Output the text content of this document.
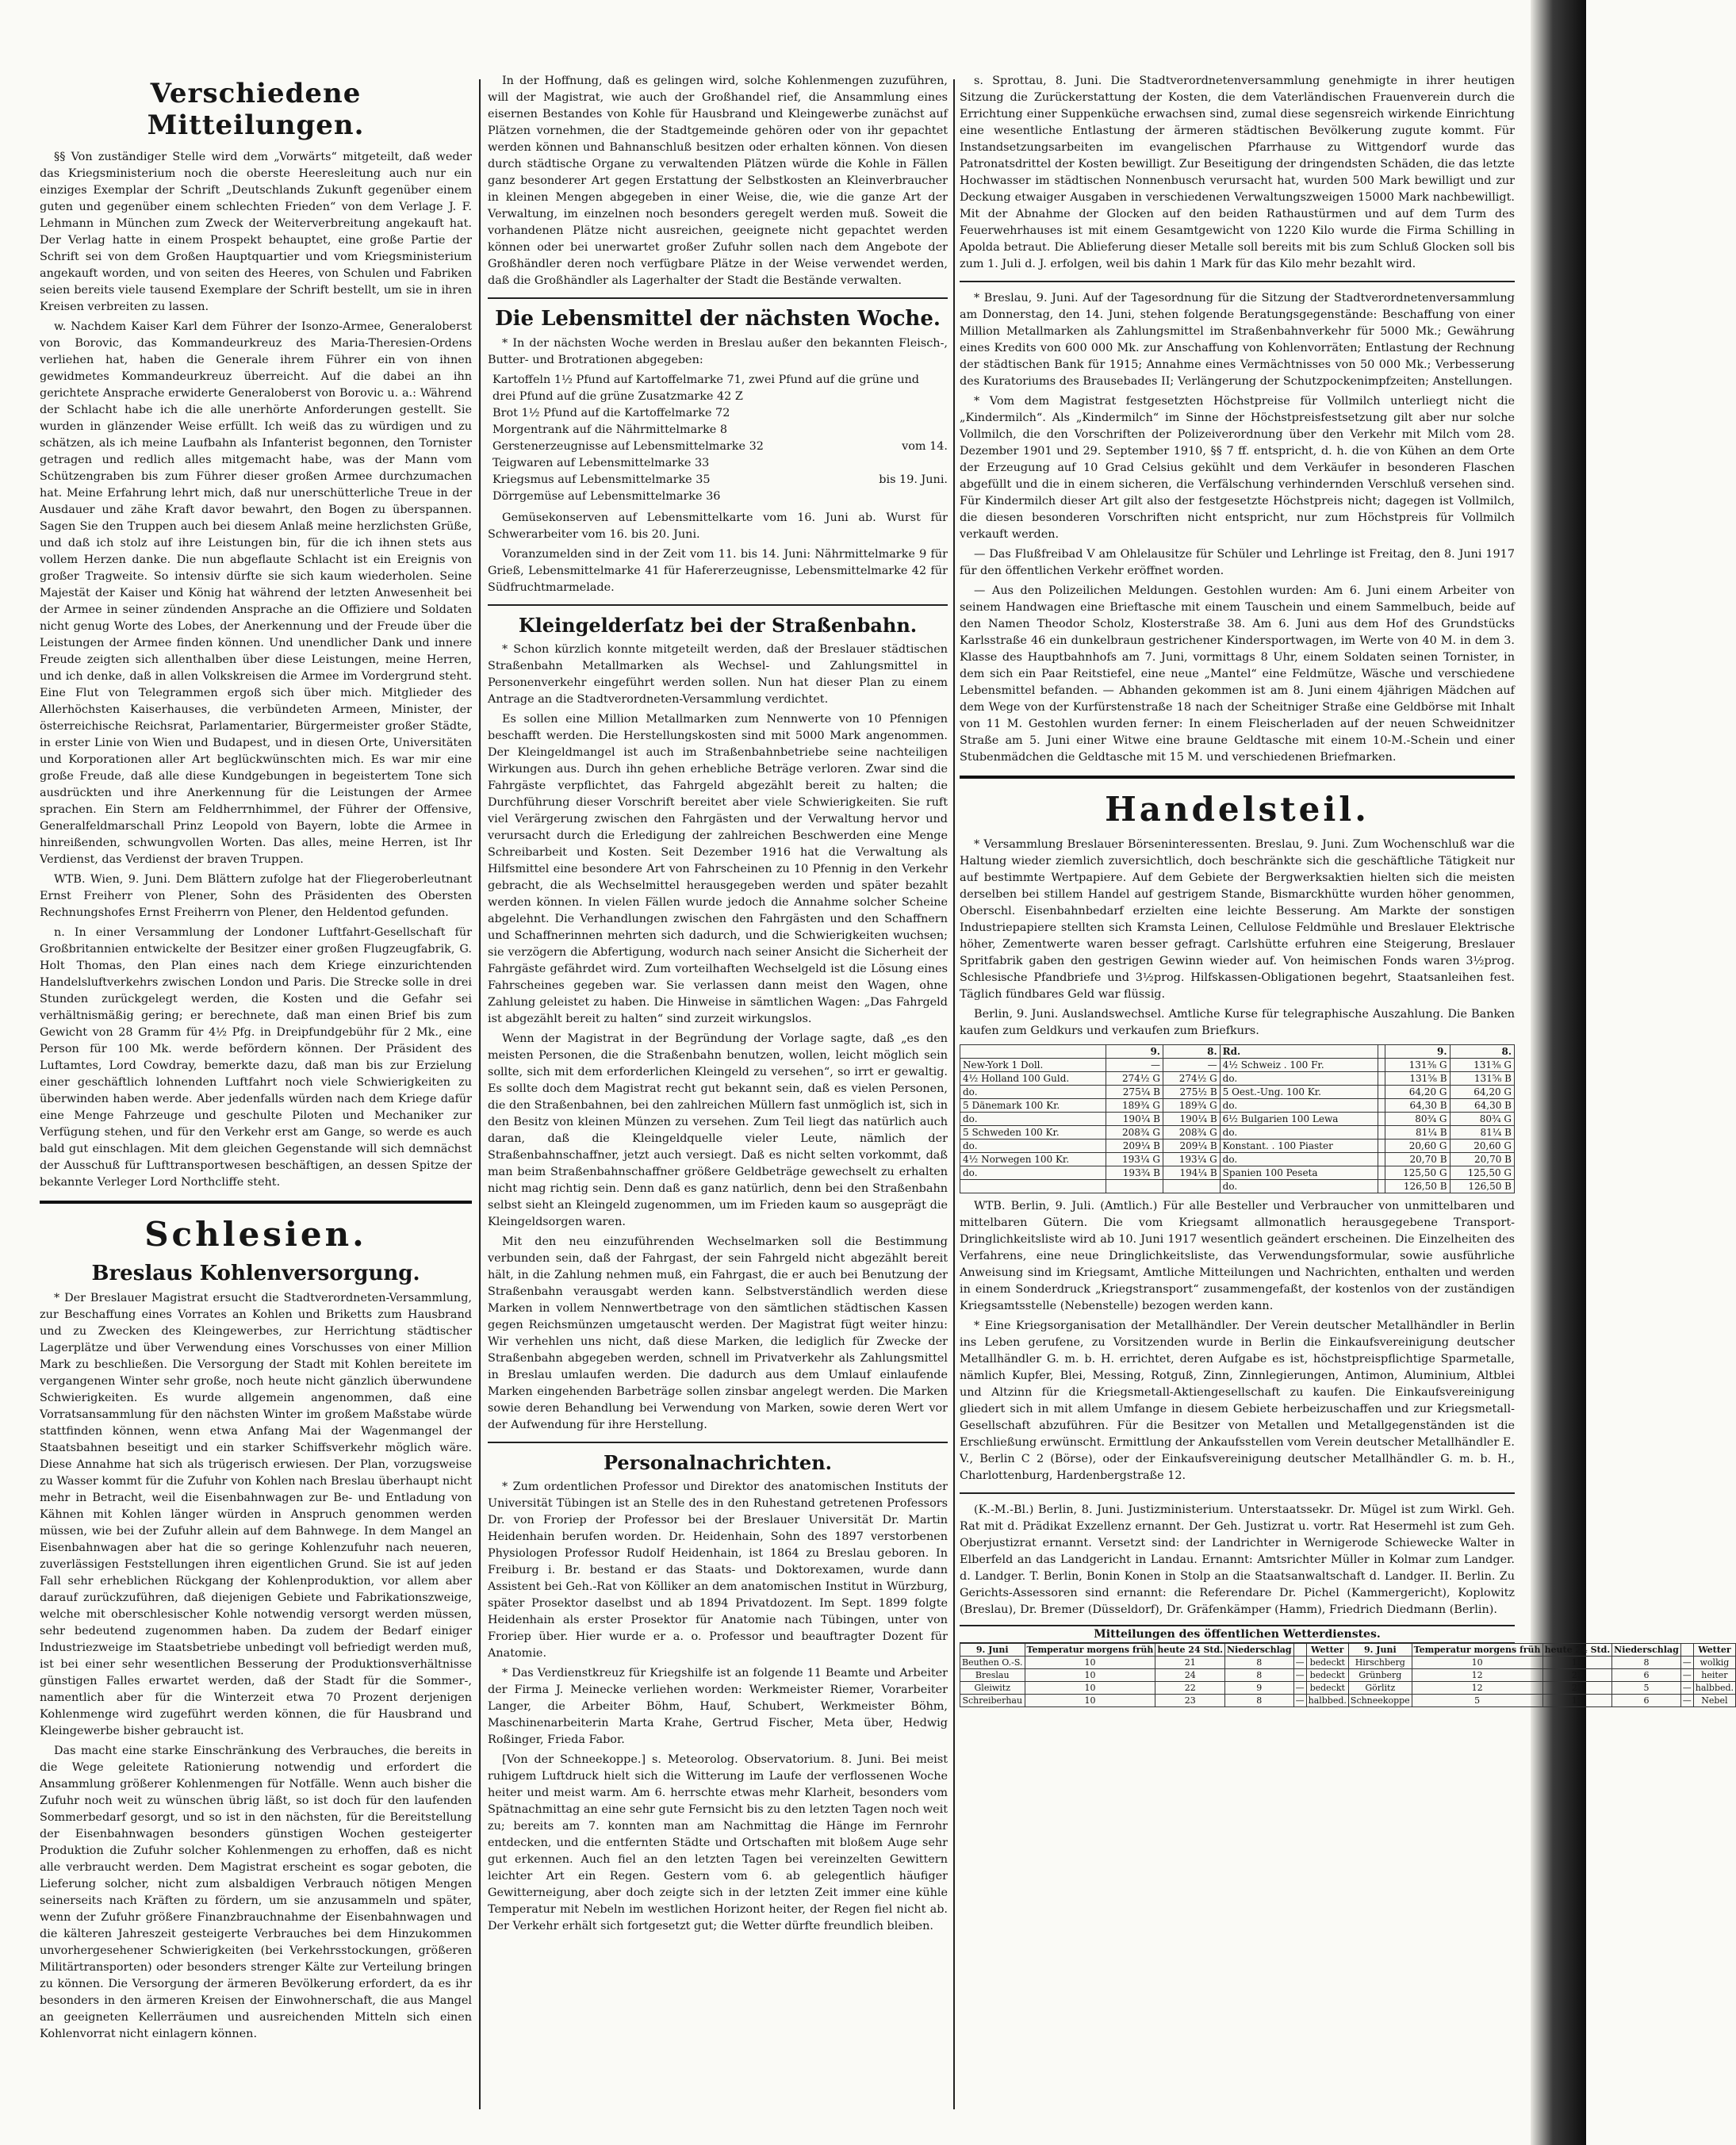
Verschiedene Mitteilungen.

§§ Von zuständiger Stelle wird dem „Vorwärts“ mitgeteilt, daß weder das Kriegsministerium noch die oberste Heeresleitung auch nur ein einziges Exemplar der Schrift „Deutschlands Zukunft gegenüber einem guten und gegenüber einem schlechten Frieden“ von dem Verlage J. F. Lehmann in München zum Zweck der Weiterverbreitung angekauft hat. Der Verlag hatte in einem Prospekt behauptet, eine große Partie der Schrift sei von dem Großen Hauptquartier und vom Kriegsministerium angekauft worden, und von seiten des Heeres, von Schulen und Fabriken seien bereits viele tausend Exemplare der Schrift bestellt, um sie in ihren Kreisen verbreiten zu lassen.

w. Nachdem Kaiser Karl dem Führer der Isonzo-Armee, Generaloberst von Borovic, das Kommandeurkreuz des Maria-Theresien-Ordens verliehen hat, haben die Generale ihrem Führer ein von ihnen gewidmetes Kommandeurkreuz überreicht. Auf die dabei an ihn gerichtete Ansprache erwiderte Generaloberst von Borovic u. a.: Während der Schlacht habe ich die alle unerhörte Anforderungen gestellt. Sie wurden in glänzender Weise erfüllt. Ich weiß das zu würdigen und zu schätzen, als ich meine Laufbahn als Infanterist begonnen, den Tornister getragen und redlich alles mitgemacht habe, was der Mann vom Schützengraben bis zum Führer dieser großen Armee durchzumachen hat. Meine Erfahrung lehrt mich, daß nur unerschütterliche Treue in der Ausdauer und zähe Kraft davor bewahrt, den Bogen zu überspannen. Sagen Sie den Truppen auch bei diesem Anlaß meine herzlichsten Grüße, und daß ich stolz auf ihre Leistungen bin, für die ich ihnen stets aus vollem Herzen danke. Die nun abgeflaute Schlacht ist ein Ereignis von großer Tragweite. So intensiv dürfte sie sich kaum wiederholen. Seine Majestät der Kaiser und König hat während der letzten Anwesenheit bei der Armee in seiner zündenden Ansprache an die Offiziere und Soldaten nicht genug Worte des Lobes, der Anerkennung und der Freude über die Leistungen der Armee finden können. Und unendlicher Dank und innere Freude zeigten sich allenthalben über diese Leistungen, meine Herren, und ich denke, daß in allen Volkskreisen die Armee im Vordergrund steht. Eine Flut von Telegrammen ergoß sich über mich. Mitglieder des Allerhöchsten Kaiserhauses, die verbündeten Armeen, Minister, der österreichische Reichsrat, Parlamentarier, Bürgermeister großer Städte, in erster Linie von Wien und Budapest, und in diesen Orte, Universitäten und Korporationen aller Art beglückwünschten mich. Es war mir eine große Freude, daß alle diese Kundgebungen in begeistertem Tone sich ausdrückten und ihre Anerkennung für die Leistungen der Armee sprachen. Ein Stern am Feldherrnhimmel, der Führer der Offensive, Generalfeldmarschall Prinz Leopold von Bayern, lobte die Armee in hinreißenden, schwungvollen Worten. Das alles, meine Herren, ist Ihr Verdienst, das Verdienst der braven Truppen.

WTB. Wien, 9. Juni. Dem Blättern zufolge hat der Fliegeroberleutnant Ernst Freiherr von Plener, Sohn des Präsidenten des Obersten Rechnungshofes Ernst Freiherrn von Plener, den Heldentod gefunden.

n. In einer Versammlung der Londoner Luftfahrt-Gesellschaft für Großbritannien entwickelte der Besitzer einer großen Flugzeugfabrik, G. Holt Thomas, den Plan eines nach dem Kriege einzurichtenden Handelsluftverkehrs zwischen London und Paris. Die Strecke solle in drei Stunden zurückgelegt werden, die Kosten und die Gefahr sei verhältnismäßig gering; er berechnete, daß man einen Brief bis zum Gewicht von 28 Gramm für 4½ Pfg. in Dreipfundgebühr für 2 Mk., eine Person für 100 Mk. werde befördern können. Der Präsident des Luftamtes, Lord Cowdray, bemerkte dazu, daß man bis zur Erzielung einer geschäftlich lohnenden Luftfahrt noch viele Schwierigkeiten zu überwinden haben werde. Aber jedenfalls würden nach dem Kriege dafür eine Menge Fahrzeuge und geschulte Piloten und Mechaniker zur Verfügung stehen, und für den Verkehr erst am Gange, so werde es auch bald gut einschlagen. Mit dem gleichen Gegenstande will sich demnächst der Ausschuß für Lufttransportwesen beschäftigen, an dessen Spitze der bekannte Verleger Lord Northcliffe steht.

Schlesien.
Breslaus Kohlenversorgung.

* Der Breslauer Magistrat ersucht die Stadtverordneten-Versammlung, zur Beschaffung eines Vorrates an Kohlen und Briketts zum Hausbrand und zu Zwecken des Kleingewerbes, zur Herrichtung städtischer Lagerplätze und über Verwendung eines Vorschusses von einer Million Mark zu beschließen. Die Versorgung der Stadt mit Kohlen bereitete im vergangenen Winter sehr große, noch heute nicht gänzlich überwundene Schwierigkeiten. Es wurde allgemein angenommen, daß eine Vorratsansammlung für den nächsten Winter im großem Maßstabe würde stattfinden können, wenn etwa Anfang Mai der Wagenmangel der Staatsbahnen beseitigt und ein starker Schiffsverkehr möglich wäre. Diese Annahme hat sich als trügerisch erwiesen. Der Plan, vorzugsweise zu Wasser kommt für die Zufuhr von Kohlen nach Breslau überhaupt nicht mehr in Betracht, weil die Eisenbahnwagen zur Be- und Entladung von Kähnen mit Kohlen länger würden in Anspruch genommen werden müssen, wie bei der Zufuhr allein auf dem Bahnwege. In dem Mangel an Eisenbahnwagen aber hat die so geringe Kohlenzufuhr nach neueren, zuverlässigen Feststellungen ihren eigentlichen Grund. Sie ist auf jeden Fall sehr erheblichen Rückgang der Kohlenproduktion, vor allem aber darauf zurückzuführen, daß diejenigen Gebiete und Fabrikationszweige, welche mit oberschlesischer Kohle notwendig versorgt werden müssen, sehr bedeutend zugenommen haben. Da zudem der Bedarf einiger Industriezweige im Staatsbetriebe unbedingt voll befriedigt werden muß, ist bei einer sehr wesentlichen Besserung der Produktionsverhältnisse günstigen Falles erwartet werden, daß der Stadt für die Sommer-, namentlich aber für die Winterzeit etwa 70 Prozent derjenigen Kohlenmenge wird zugeführt werden können, die für Hausbrand und Kleingewerbe bisher gebraucht ist.

Das macht eine starke Einschränkung des Verbrauches, die bereits in die Wege geleitete Rationierung notwendig und erfordert die Ansammlung größerer Kohlenmengen für Notfälle. Wenn auch bisher die Zufuhr noch weit zu wünschen übrig läßt, so ist doch für den laufenden Sommerbedarf gesorgt, und so ist in den nächsten, für die Bereitstellung der Eisenbahnwagen besonders günstigen Wochen gesteigerter Produktion die Zufuhr solcher Kohlenmengen zu erhoffen, daß es nicht alle verbraucht werden. Dem Magistrat erscheint es sogar geboten, die Lieferung solcher, nicht zum alsbaldigen Verbrauch nötigen Mengen seinerseits nach Kräften zu fördern, um sie anzusammeln und später, wenn der Zufuhr größere Finanzbrauchnahme der Eisenbahnwagen und die kälteren Jahreszeit gesteigerte Verbrauches bei dem Hinzukommen unvorhergesehener Schwierigkeiten (bei Verkehrsstockungen, größeren Militärtransporten) oder besonders strenger Kälte zur Verteilung bringen zu können. Die Versorgung der ärmeren Bevölkerung erfordert, da es ihr besonders in den ärmeren Kreisen der Einwohnerschaft, die aus Mangel an geeigneten Kellerräumen und ausreichenden Mitteln sich einen Kohlenvorrat nicht einlagern können.

In der Hoffnung, daß es gelingen wird, solche Kohlenmengen zuzuführen, will der Magistrat, wie auch der Großhandel rief, die Ansammlung eines eisernen Bestandes von Kohle für Hausbrand und Kleingewerbe zunächst auf Plätzen vornehmen, die der Stadtgemeinde gehören oder von ihr gepachtet werden können und Bahnanschluß besitzen oder erhalten können. Von diesen durch städtische Organe zu verwaltenden Plätzen würde die Kohle in Fällen ganz besonderer Art gegen Erstattung der Selbstkosten an Kleinverbraucher in kleinen Mengen abgegeben in einer Weise, die, wie die ganze Art der Verwaltung, im einzelnen noch besonders geregelt werden muß. Soweit die vorhandenen Plätze nicht ausreichen, geeignete nicht gepachtet werden können oder bei unerwartet großer Zufuhr sollen nach dem Angebote der Großhändler deren noch verfügbare Plätze in der Weise verwendet werden, daß die Großhändler als Lagerhalter der Stadt die Bestände verwalten.

Die Lebensmittel der nächsten Woche.

* In der nächsten Woche werden in Breslau außer den bekannten Fleisch-, Butter- und Brotrationen abgegeben:

Kartoffeln 1½ Pfund auf Kartoffelmarke 71, zwei Pfund auf die grüne und drei Pfund auf die grüne Zusatzmarke 42 Z
Brot 1½ Pfund auf die Kartoffelmarke 72
Morgentrank auf die Nährmittelmarke 8
Gerstenerzeugnisse auf Lebensmittelmarke 32	vom 14.
Teigwaren auf Lebensmittelmarke 33
Kriegsmus auf Lebensmittelmarke 35	bis 19. Juni.
Dörrgemüse auf Lebensmittelmarke 36

Gemüsekonserven auf Lebensmittelkarte vom 16. Juni ab. Wurst für Schwerarbeiter vom 16. bis 20. Juni.

Voranzumelden sind in der Zeit vom 11. bis 14. Juni: Nährmittelmarke 9 für Grieß, Lebensmittelmarke 41 für Hafererzeugnisse, Lebensmittelmarke 42 für Südfruchtmarmelade.

Kleingelderſatz bei der Straßenbahn.

* Schon kürzlich konnte mitgeteilt werden, daß der Breslauer städtischen Straßenbahn Metallmarken als Wechsel- und Zahlungsmittel in Personenverkehr eingeführt werden sollen. Nun hat dieser Plan zu einem Antrage an die Stadtverordneten-Versammlung verdichtet.

Es sollen eine Million Metallmarken zum Nennwerte von 10 Pfennigen beschafft werden. Die Herstellungskosten sind mit 5000 Mark angenommen. Der Kleingeldmangel ist auch im Straßenbahnbetriebe seine nachteiligen Wirkungen aus. Durch ihn gehen erhebliche Beträge verloren. Zwar sind die Fahrgäste verpflichtet, das Fahrgeld abgezählt bereit zu halten; die Durchführung dieser Vorschrift bereitet aber viele Schwierigkeiten. Sie ruft viel Verärgerung zwischen den Fahrgästen und der Verwaltung hervor und verursacht durch die Erledigung der zahlreichen Beschwerden eine Menge Schreibarbeit und Kosten. Seit Dezember 1916 hat die Verwaltung als Hilfsmittel eine besondere Art von Fahrscheinen zu 10 Pfennig in den Verkehr gebracht, die als Wechselmittel herausgegeben werden und später bezahlt werden können. In vielen Fällen wurde jedoch die Annahme solcher Scheine abgelehnt. Die Verhandlungen zwischen den Fahrgästen und den Schaffnern und Schaffnerinnen mehrten sich dadurch, und die Schwierigkeiten wuchsen; sie verzögern die Abfertigung, wodurch nach seiner Ansicht die Sicherheit der Fahrgäste gefährdet wird. Zum vorteilhaften Wechselgeld ist die Lösung eines Fahrscheines gegeben war. Sie verlassen dann meist den Wagen, ohne Zahlung geleistet zu haben. Die Hinweise in sämtlichen Wagen: „Das Fahrgeld ist abgezählt bereit zu halten“ sind zurzeit wirkungslos.

Wenn der Magistrat in der Begründung der Vorlage sagte, daß „es den meisten Personen, die die Straßenbahn benutzen, wollen, leicht möglich sein sollte, sich mit dem erforderlichen Kleingeld zu versehen“, so irrt er gewaltig. Es sollte doch dem Magistrat recht gut bekannt sein, daß es vielen Personen, die den Straßenbahnen, bei den zahlreichen Müllern fast unmöglich ist, sich in den Besitz von kleinen Münzen zu versehen. Zum Teil liegt das natürlich auch daran, daß die Kleingeldquelle vieler Leute, nämlich der Straßenbahnschaffner, jetzt auch versiegt. Daß es nicht selten vorkommt, daß man beim Straßenbahnschaffner größere Geldbeträge gewechselt zu erhalten nicht mag richtig sein. Denn daß es ganz natürlich, denn bei den Straßenbahn selbst sieht an Kleingeld zugenommen, um im Frieden kaum so ausgeprägt die Kleingeldsorgen waren.

Mit den neu einzuführenden Wechselmarken soll die Bestimmung verbunden sein, daß der Fahrgast, der sein Fahrgeld nicht abgezählt bereit hält, in die Zahlung nehmen muß, ein Fahrgast, die er auch bei Benutzung der Straßenbahn verausgabt werden kann. Selbstverständlich werden diese Marken in vollem Nennwertbetrage von den sämtlichen städtischen Kassen gegen Reichsmünzen umgetauscht werden. Der Magistrat fügt weiter hinzu: Wir verhehlen uns nicht, daß diese Marken, die lediglich für Zwecke der Straßenbahn abgegeben werden, schnell im Privatverkehr als Zahlungsmittel in Breslau umlaufen werden. Die dadurch aus dem Umlauf einlaufende Marken eingehenden Barbeträge sollen zinsbar angelegt werden. Die Marken sowie deren Behandlung bei Verwendung von Marken, sowie deren Wert vor der Aufwendung für ihre Herstellung.

Personalnachrichten.

* Zum ordentlichen Professor und Direktor des anatomischen Instituts der Universität Tübingen ist an Stelle des in den Ruhestand getretenen Professors Dr. von Froriep der Professor bei der Breslauer Universität Dr. Martin Heidenhain berufen worden. Dr. Heidenhain, Sohn des 1897 verstorbenen Physiologen Professor Rudolf Heidenhain, ist 1864 zu Breslau geboren. In Freiburg i. Br. bestand er das Staats- und Doktorexamen, wurde dann Assistent bei Geh.-Rat von Kölliker an dem anatomischen Institut in Würzburg, später Prosektor daselbst und ab 1894 Privatdozent. Im Sept. 1899 folgte Heidenhain als erster Prosektor für Anatomie nach Tübingen, unter von Froriep über. Hier wurde er a. o. Professor und beauftragter Dozent für Anatomie.

* Das Verdienstkreuz für Kriegshilfe ist an folgende 11 Beamte und Arbeiter der Firma J. Meinecke verliehen worden: Werkmeister Riemer, Vorarbeiter Langer, die Arbeiter Böhm, Hauf, Schubert, Werkmeister Böhm, Maschinenarbeiterin Marta Krahe, Gertrud Fischer, Meta über, Hedwig Roßinger, Frieda Fabor.

[Von der Schneekoppe.] s. Meteorolog. Observatorium. 8. Juni. Bei meist ruhigem Luftdruck hielt sich die Witterung im Laufe der verflossenen Woche heiter und meist warm. Am 6. herrschte etwas mehr Klarheit, besonders vom Spätnachmittag an eine sehr gute Fernsicht bis zu den letzten Tagen noch weit zu; bereits am 7. konnten man am Nachmittag die Hänge im Fernrohr entdecken, und die entfernten Städte und Ortschaften mit bloßem Auge sehr gut erkennen. Auch fiel an den letzten Tagen bei vereinzelten Gewittern leichter Art ein Regen. Gestern vom 6. ab gelegentlich häufiger Gewitterneigung, aber doch zeigte sich in der letzten Zeit immer eine kühle Temperatur mit Nebeln im westlichen Horizont heiter, der Regen fiel nicht ab. Der Verkehr erhält sich fortgesetzt gut; die Wetter dürfte freundlich bleiben.

s. Sprottau, 8. Juni. Die Stadtverordnetenversammlung genehmigte in ihrer heutigen Sitzung die Zurückerstattung der Kosten, die dem Vaterländischen Frauenverein durch die Errichtung einer Suppenküche erwachsen sind, zumal diese segensreich wirkende Einrichtung eine wesentliche Entlastung der ärmeren städtischen Bevölkerung zugute kommt. Für Instandsetzungsarbeiten im evangelischen Pfarrhause zu Wittgendorf wurde das Patronatsdrittel der Kosten bewilligt. Zur Beseitigung der dringendsten Schäden, die das letzte Hochwasser im städtischen Nonnenbusch verursacht hat, wurden 500 Mark bewilligt und zur Deckung etwaiger Ausgaben in verschiedenen Verwaltungszweigen 15000 Mark nachbewilligt. Mit der Abnahme der Glocken auf den beiden Rathaustürmen und auf dem Turm des Feuerwehrhauses ist mit einem Gesamtgewicht von 1220 Kilo wurde die Firma Schilling in Apolda betraut. Die Ablieferung dieser Metalle soll bereits mit bis zum Schluß Glocken soll bis zum 1. Juli d. J. erfolgen, weil bis dahin 1 Mark für das Kilo mehr bezahlt wird.

* Breslau, 9. Juni. Auf der Tagesordnung für die Sitzung der Stadtverordnetenversammlung am Donnerstag, den 14. Juni, stehen folgende Beratungsgegenstände: Beschaffung von einer Million Metallmarken als Zahlungsmittel im Straßenbahnverkehr für 5000 Mk.; Gewährung eines Kredits von 600 000 Mk. zur Anschaffung von Kohlenvorräten; Entlastung der Rechnung der städtischen Bank für 1915; Annahme eines Vermächtnisses von 50 000 Mk.; Verbesserung des Kuratoriums des Brausebades II; Verlängerung der Schutzpockenimpfzeiten; Anstellungen.

* Vom dem Magistrat festgesetzten Höchstpreise für Vollmilch unterliegt nicht die „Kindermilch“. Als „Kindermilch“ im Sinne der Höchstpreisfestsetzung gilt aber nur solche Vollmilch, die den Vorschriften der Polizeiverordnung über den Verkehr mit Milch vom 28. Dezember 1901 und 29. September 1910, §§ 7 ff. entspricht, d. h. die von Kühen an dem Orte der Erzeugung auf 10 Grad Celsius gekühlt und dem Verkäufer in besonderen Flaschen abgefüllt und die in einem sicheren, die Verfälschung verhindernden Verschluß versehen sind. Für Kindermilch dieser Art gilt also der festgesetzte Höchstpreis nicht; dagegen ist Vollmilch, die diesen besonderen Vorschriften nicht entspricht, nur zum Höchstpreis für Vollmilch verkauft werden.

— Das Flußfreibad V am Ohlelausitze für Schüler und Lehrlinge ist Freitag, den 8. Juni 1917 für den öffentlichen Verkehr eröffnet worden.

— Aus den Polizeilichen Meldungen. Gestohlen wurden: Am 6. Juni einem Arbeiter von seinem Handwagen eine Brieftasche mit einem Tauschein und einem Sammelbuch, beide auf den Namen Theodor Scholz, Klosterstraße 38. Am 6. Juni aus dem Hof des Grundstücks Karlsstraße 46 ein dunkelbraun gestrichener Kindersportwagen, im Werte von 40 M. in dem 3. Klasse des Hauptbahnhofs am 7. Juni, vormittags 8 Uhr, einem Soldaten seinen Tornister, in dem sich ein Paar Reitstiefel, eine neue „Mantel“ eine Feldmütze, Wäsche und verschiedene Lebensmittel befanden. — Abhanden gekommen ist am 8. Juni einem 4jährigen Mädchen auf dem Wege von der Kurfürstenstraße 18 nach der Scheitniger Straße eine Geldbörse mit Inhalt von 11 M. Gestohlen wurden ferner: In einem Fleischerladen auf der neuen Schweidnitzer Straße am 5. Juni einer Witwe eine braune Geldtasche mit einem 10-M.-Schein und einer Stubenmädchen die Geldtasche mit 15 M. und verschiedenen Briefmarken.

Handelsteil.

* Versammlung Breslauer Börseninteressenten. Breslau, 9. Juni. Zum Wochenschluß war die Haltung wieder ziemlich zuversichtlich, doch beschränkte sich die geschäftliche Tätigkeit nur auf bestimmte Wertpapiere. Auf dem Gebiete der Bergwerksaktien hielten sich die meisten derselben bei stillem Handel auf gestrigem Stande, Bismarckhütte wurden höher genommen, Oberschl. Eisenbahnbedarf erzielten eine leichte Besserung. Am Markte der sonstigen Industriepapiere stellten sich Kramsta Leinen, Cellulose Feldmühle und Breslauer Elektrische höher, Zementwerte waren besser gefragt. Carlshütte erfuhren eine Steigerung, Breslauer Spritfabrik gaben den gestrigen Gewinn wieder auf. Von heimischen Fonds waren 3½prog. Schlesische Pfandbriefe und 3½prog. Hilfskassen-Obligationen begehrt, Staatsanleihen fest. Täglich fündbares Geld war flüssig.

Berlin, 9. Juni. Auslandswechsel. Amtliche Kurse für telegraphische Auszahlung. Die Banken kaufen zum Geldkurs und verkaufen zum Briefkurs.

	9.	8.	Rd.		9.	8.
New-York 1 Doll.	—	—	4½ Schweiz . 100 Fr.		131⅜ G	131⅜ G
4½ Holland 100 Guld.	274½ G	274½ G	do.		131⅝ B	131⅝ B
do.	275¼ B	275½ B	5 Oest.-Ung. 100 Kr.		64,20 G	64,20 G
5 Dänemark 100 Kr.	189¾ G	189¾ G	do.		64,30 B	64,30 B
do.	190¼ B	190¼ B	6½ Bulgarien 100 Lewa		80¾ G	80¾ G
5 Schweden 100 Kr.	208¾ G	208¾ G	do.		81¼ B	81¼ B
do.	209¼ B	209¼ B	Konstant. . 100 Piaster		20,60 G	20,60 G
4½ Norwegen 100 Kr.	193¼ G	193¼ G	do.		20,70 B	20,70 B
do.	193¾ B	194¼ B	Spanien 100 Peseta		125,50 G	125,50 G
			do.		126,50 B	126,50 B

WTB. Berlin, 9. Juli. (Amtlich.) Für alle Besteller und Verbraucher von unmittelbaren und mittelbaren Gütern. Die vom Kriegsamt allmonatlich herausgegebene Transport-Dringlichkeitsliste wird ab 10. Juni 1917 wesentlich geändert erscheinen. Die Einzelheiten des Verfahrens, eine neue Dringlichkeitsliste, das Verwendungsformular, sowie ausführliche Anweisung sind im Kriegsamt, Amtliche Mitteilungen und Nachrichten, enthalten und werden in einem Sonderdruck „Kriegstransport“ zusammengefaßt, der kostenlos von der zuständigen Kriegsamtsstelle (Nebenstelle) bezogen werden kann.

* Eine Kriegsorganisation der Metallhändler. Der Verein deutscher Metallhändler in Berlin ins Leben gerufene, zu Vorsitzenden wurde in Berlin die Einkaufsvereinigung deutscher Metallhändler G. m. b. H. errichtet, deren Aufgabe es ist, höchstpreispflichtige Sparmetalle, nämlich Kupfer, Blei, Messing, Rotguß, Zinn, Zinnlegierungen, Antimon, Aluminium, Altblei und Altzinn für die Kriegsmetall-Aktiengesellschaft zu kaufen. Die Einkaufsvereinigung gliedert sich in mit allem Umfange in diesem Gebiete herbeizuschaffen und zur Kriegsmetall-Gesellschaft abzuführen. Für die Besitzer von Metallen und Metallgegenständen ist die Erschließung erwünscht. Ermittlung der Ankaufsstellen vom Verein deutscher Metallhändler E. V., Berlin C 2 (Börse), oder der Einkaufsvereinigung deutscher Metallhändler G. m. b. H., Charlottenburg, Hardenbergstraße 12.

(K.-M.-Bl.) Berlin, 8. Juni. Justizministerium. Unterstaatssekr. Dr. Mügel ist zum Wirkl. Geh. Rat mit d. Prädikat Exzellenz ernannt. Der Geh. Justizrat u. vortr. Rat Hesermehl ist zum Geh. Oberjustizrat ernannt. Versetzt sind: der Landrichter in Wernigerode Schiewecke Walter in Elberfeld an das Landgericht in Landau. Ernannt: Amtsrichter Müller in Kolmar zum Landger. d. Landger. T. Berlin, Bonin Konen in Stolp an die Staatsanwaltschaft d. Landger. II. Berlin. Zu Gerichts-Assessoren sind ernannt: die Referendare Dr. Pichel (Kammergericht), Koplowitz (Breslau), Dr. Bremer (Düsseldorf), Dr. Gräfenkämper (Hamm), Friedrich Diedmann (Berlin).

Mitteilungen des öffentlichen Wetterdienstes.
9. Juni	Temperatur morgens früh	heute 24 Std.	Niederschlag		Wetter	9. Juni	Temperatur morgens früh	heute 24 Std.	Niederschlag		Wetter
Beuthen O.-S.	10	21	8	—	bedeckt	Hirschberg	10	18	8	—	wolkig
Breslau	10	24	8	—	bedeckt	Grünberg	12	23	6	—	heiter
Gleiwitz	10	22	9	—	bedeckt	Görlitz	12	23	5	—	halbbed.
Schreiberhau	10	23	8	—	halbbed.	Schneekoppe	5	12	6	—	Nebel
